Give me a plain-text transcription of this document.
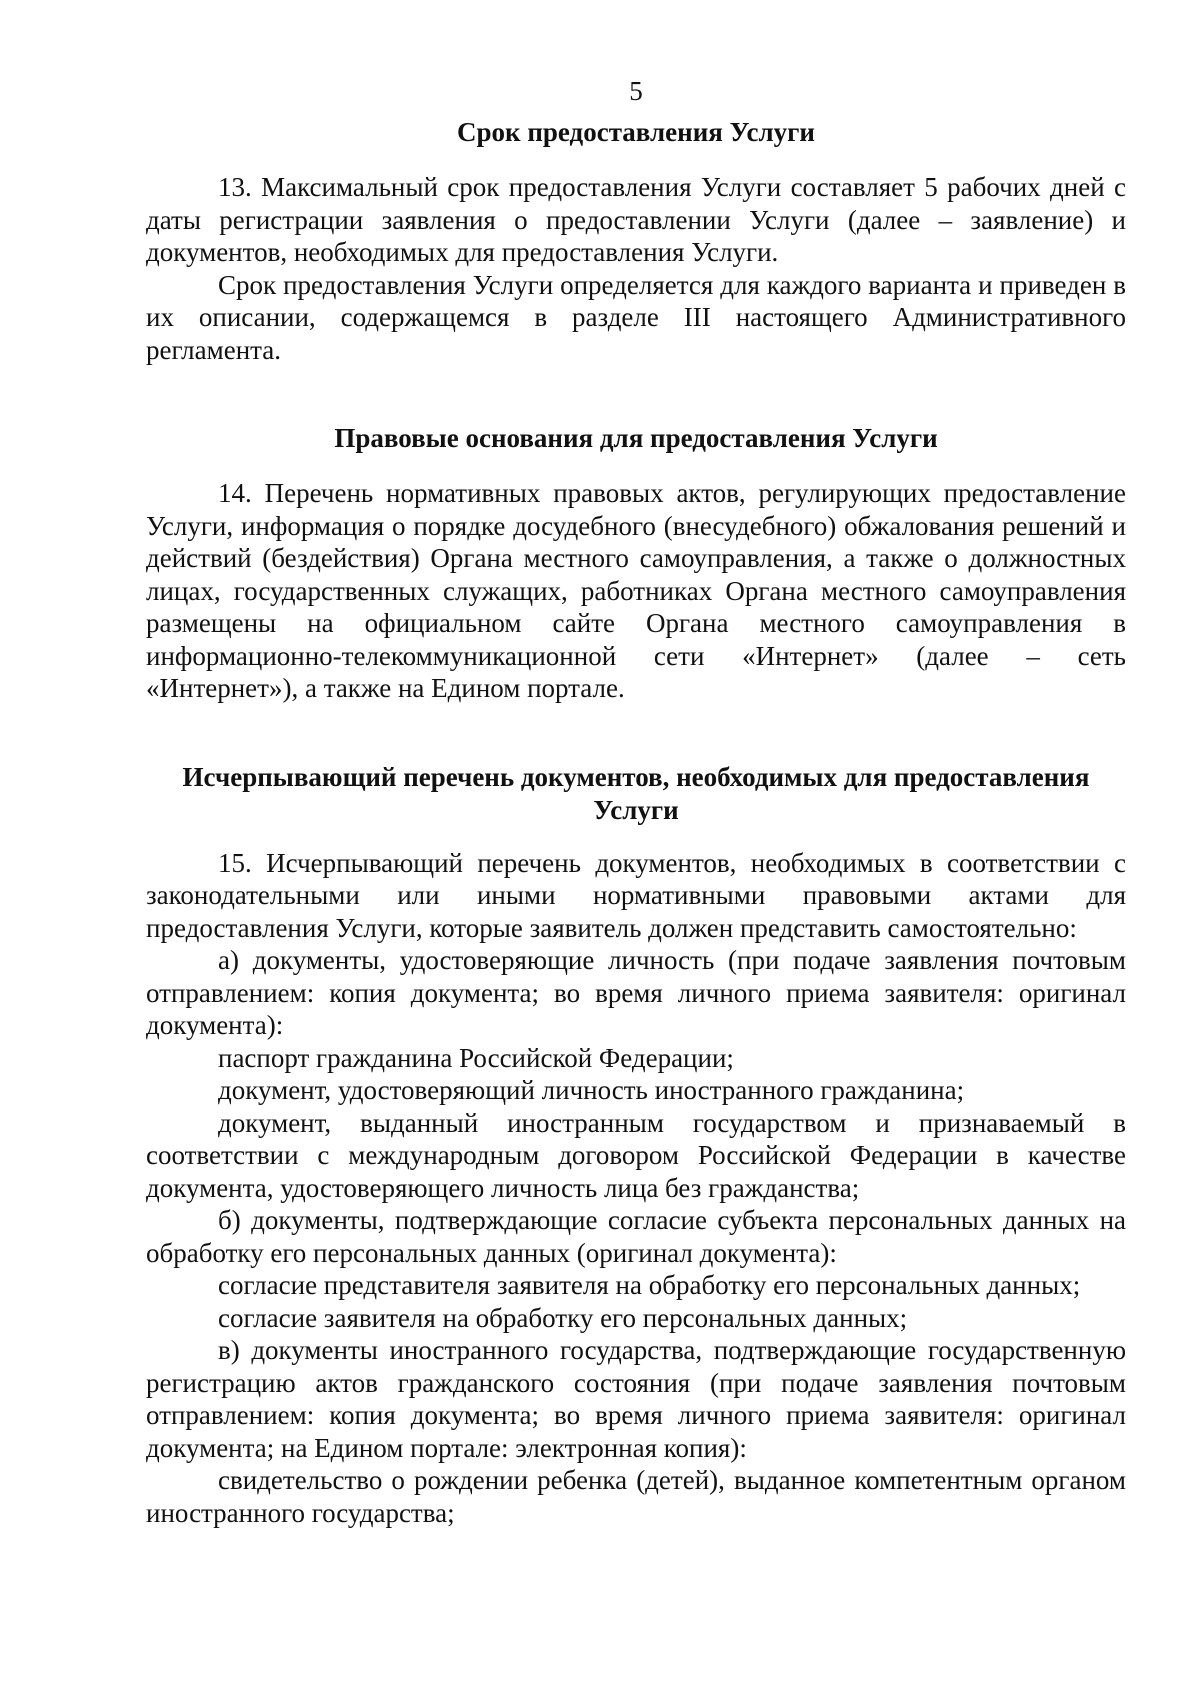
5
Срок предоставления Услуги

13. Максимальный срок предоставления Услуги составляет 5 рабочих дней с даты регистрации заявления о предоставлении Услуги (далее – заявление) и документов, необходимых для предоставления Услуги.

Срок предоставления Услуги определяется для каждого варианта и приведен в их описании, содержащемся в разделе III настоящего Административного регламента.

Правовые основания для предоставления Услуги

14. Перечень нормативных правовых актов, регулирующих предоставление Услуги, информация о порядке досудебного (внесудебного) обжалования решений и действий (бездействия) Органа местного самоуправления, а также о должностных лицах, государственных служащих, работниках Органа местного самоуправления размещены на официальном сайте Органа местного самоуправления в информационно-телекоммуникационной сети «Интернет» (далее – сеть «Интернет»), а также на Едином портале.

Исчерпывающий перечень документов, необходимых для предоставления
Услуги

15. Исчерпывающий перечень документов, необходимых в соответствии с законодательными или иными нормативными правовыми актами для предоставления Услуги, которые заявитель должен представить самостоятельно:

а) документы, удостоверяющие личность (при подаче заявления почтовым отправлением: копия документа; во время личного приема заявителя: оригинал документа):

паспорт гражданина Российской Федерации;

документ, удостоверяющий личность иностранного гражданина;

документ, выданный иностранным государством и признаваемый в соответствии с международным договором Российской Федерации в качестве документа, удостоверяющего личность лица без гражданства;

б) документы, подтверждающие согласие субъекта персональных данных на обработку его персональных данных (оригинал документа):

согласие представителя заявителя на обработку его персональных данных;

согласие заявителя на обработку его персональных данных;

в) документы иностранного государства, подтверждающие государственную регистрацию актов гражданского состояния (при подаче заявления почтовым отправлением: копия документа; во время личного приема заявителя: оригинал документа; на Едином портале: электронная копия):

свидетельство о рождении ребенка (детей), выданное компетентным органом иностранного государства;
